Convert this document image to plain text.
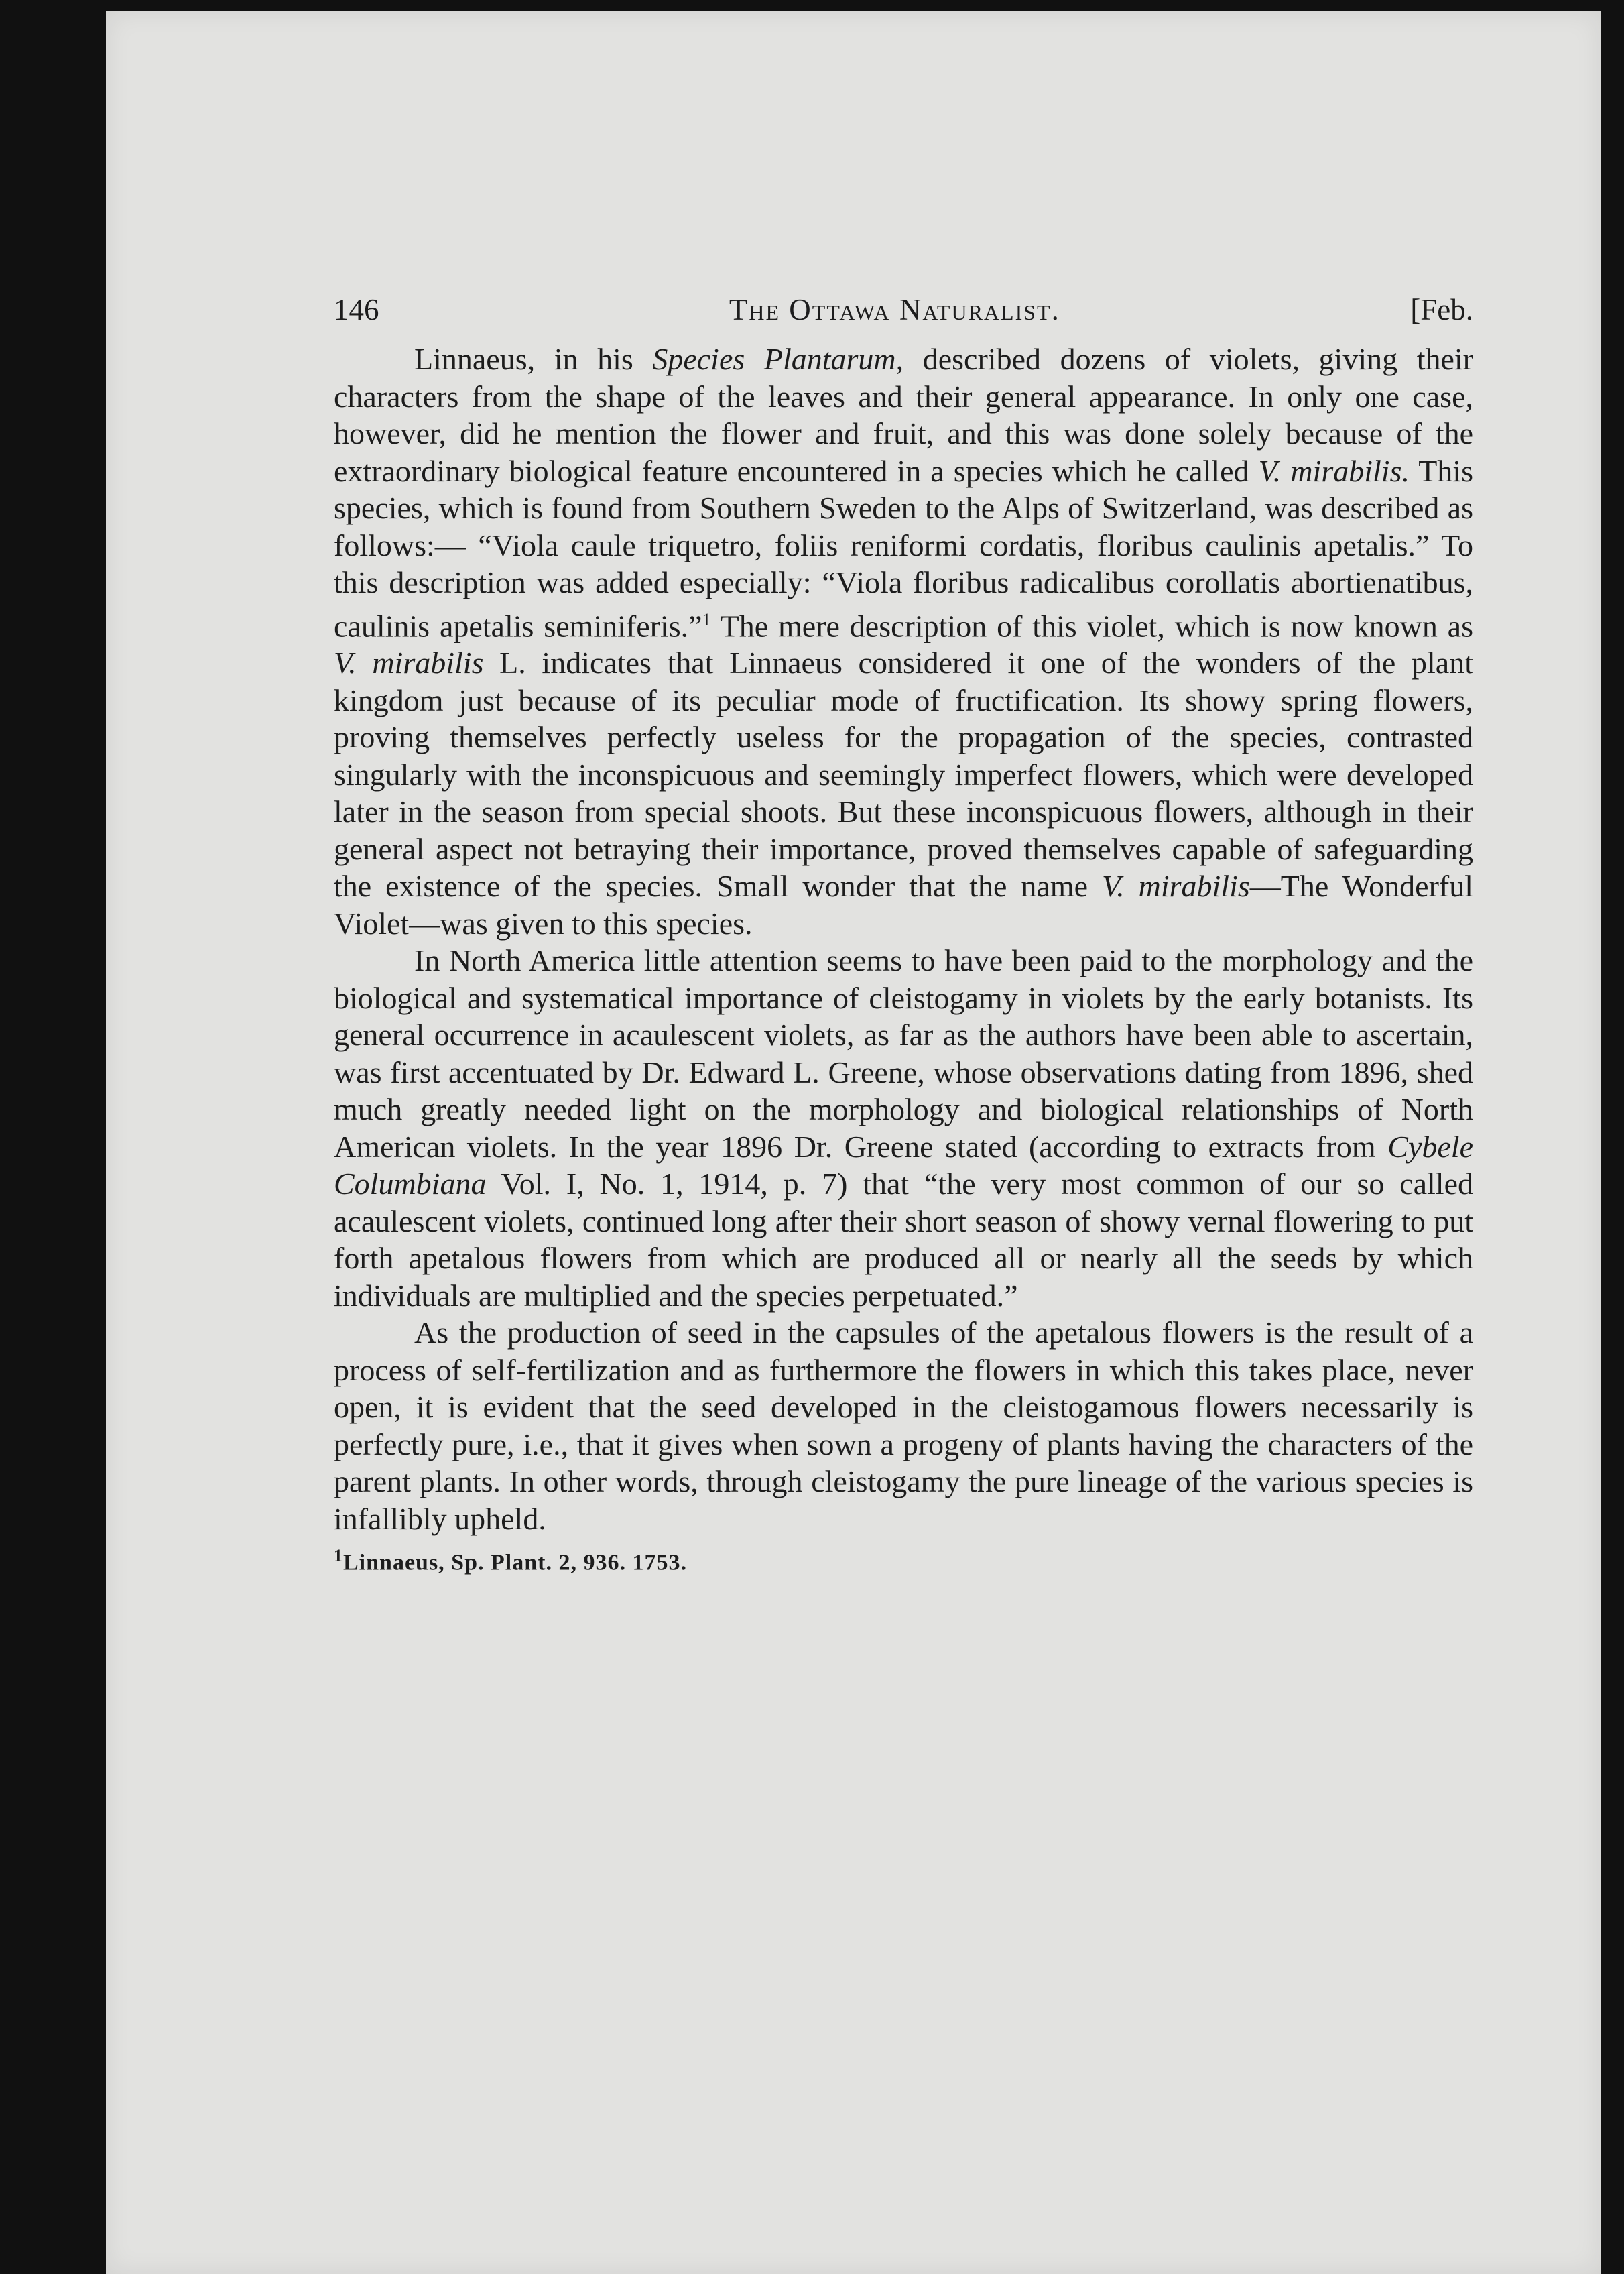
146	The Ottawa Naturalist.	[Feb.

Linnaeus, in his Species Plantarum, described dozens of violets, giving their characters from the shape of the leaves and their general appearance. In only one case, however, did he mention the flower and fruit, and this was done solely because of the extraordinary biological feature encountered in a species which he called V. mirabilis. This species, which is found from Southern Sweden to the Alps of Switzerland, was described as follows:— “Viola caule triquetro, foliis reniformi cordatis, floribus caulinis apetalis.” To this description was added especially: “Viola floribus radicalibus corollatis abortienatibus, caulinis apetalis seminiferis.”$^1$ The mere description of this violet, which is now known as V. mirabilis L. indicates that Linnaeus considered it one of the wonders of the plant kingdom just because of its peculiar mode of fructification. Its showy spring flowers, proving themselves perfectly useless for the propagation of the species, contrasted singularly with the inconspicuous and seemingly imperfect flowers, which were developed later in the season from special shoots. But these inconspicuous flowers, although in their general aspect not betraying their importance, proved themselves capable of safeguarding the existence of the species. Small wonder that the name V. mirabilis—The Wonderful Violet—was given to this species.

In North America little attention seems to have been paid to the morphology and the biological and systematical importance of cleistogamy in violets by the early botanists. Its general occurrence in acaulescent violets, as far as the authors have been able to ascertain, was first accentuated by Dr. Edward L. Greene, whose observations dating from 1896, shed much greatly needed light on the morphology and biological relationships of North American violets. In the year 1896 Dr. Greene stated (according to extracts from Cybele Columbiana Vol. I, No. 1, 1914, p. 7) that “the very most common of our so called acaulescent violets, continued long after their short season of showy vernal flowering to put forth apetalous flowers from which are produced all or nearly all the seeds by which individuals are multiplied and the species perpetuated.”

As the production of seed in the capsules of the apetalous flowers is the result of a process of self-fertilization and as furthermore the flowers in which this takes place, never open, it is evident that the seed developed in the cleistogamous flowers necessarily is perfectly pure, i.e., that it gives when sown a progeny of plants having the characters of the parent plants. In other words, through cleistogamy the pure lineage of the various species is infallibly upheld.

$^1$Linnaeus, Sp. Plant. 2, 936. 1753.
